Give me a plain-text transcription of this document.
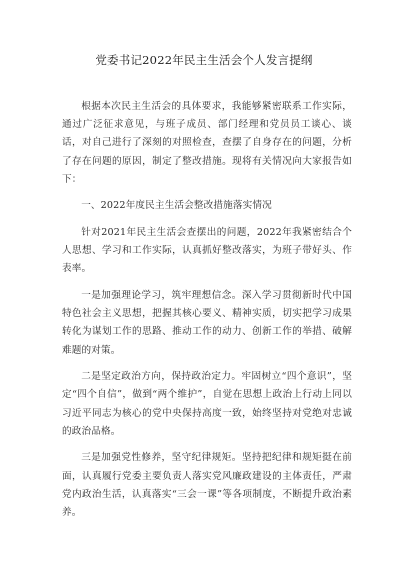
党委书记2022年民主生活会个人发言提纲

根据本次民主生活会的具体要求，我能够紧密联系工作实际，通过广泛征求意见，与班子成员、部门经理和党员员工谈心、谈话，对自己进行了深刻的对照检查，查摆了自身存在的问题，分析了存在问题的原因，制定了整改措施。现将有关情况向大家报告如下：

一、2022年度民主生活会整改措施落实情况

针对2021年民主生活会查摆出的问题，2022年我紧密结合个人思想、学习和工作实际，认真抓好整改落实，为班子带好头、作表率。

一是加强理论学习，筑牢理想信念。深入学习贯彻新时代中国特色社会主义思想，把握其核心要义、精神实质，切实把学习成果转化为谋划工作的思路、推动工作的动力、创新工作的举措、破解难题的对策。

二是坚定政治方向，保持政治定力。牢固树立“四个意识”，坚定“四个自信”，做到“两个维护”，自觉在思想上政治上行动上同以习近平同志为核心的党中央保持高度一致，始终坚持对党绝对忠诚的政治品格。

三是加强党性修养，坚守纪律规矩。坚持把纪律和规矩挺在前面，认真履行党委主要负责人落实党风廉政建设的主体责任，严肃党内政治生活，认真落实“三会一课”等各项制度，不断提升政治素养。
